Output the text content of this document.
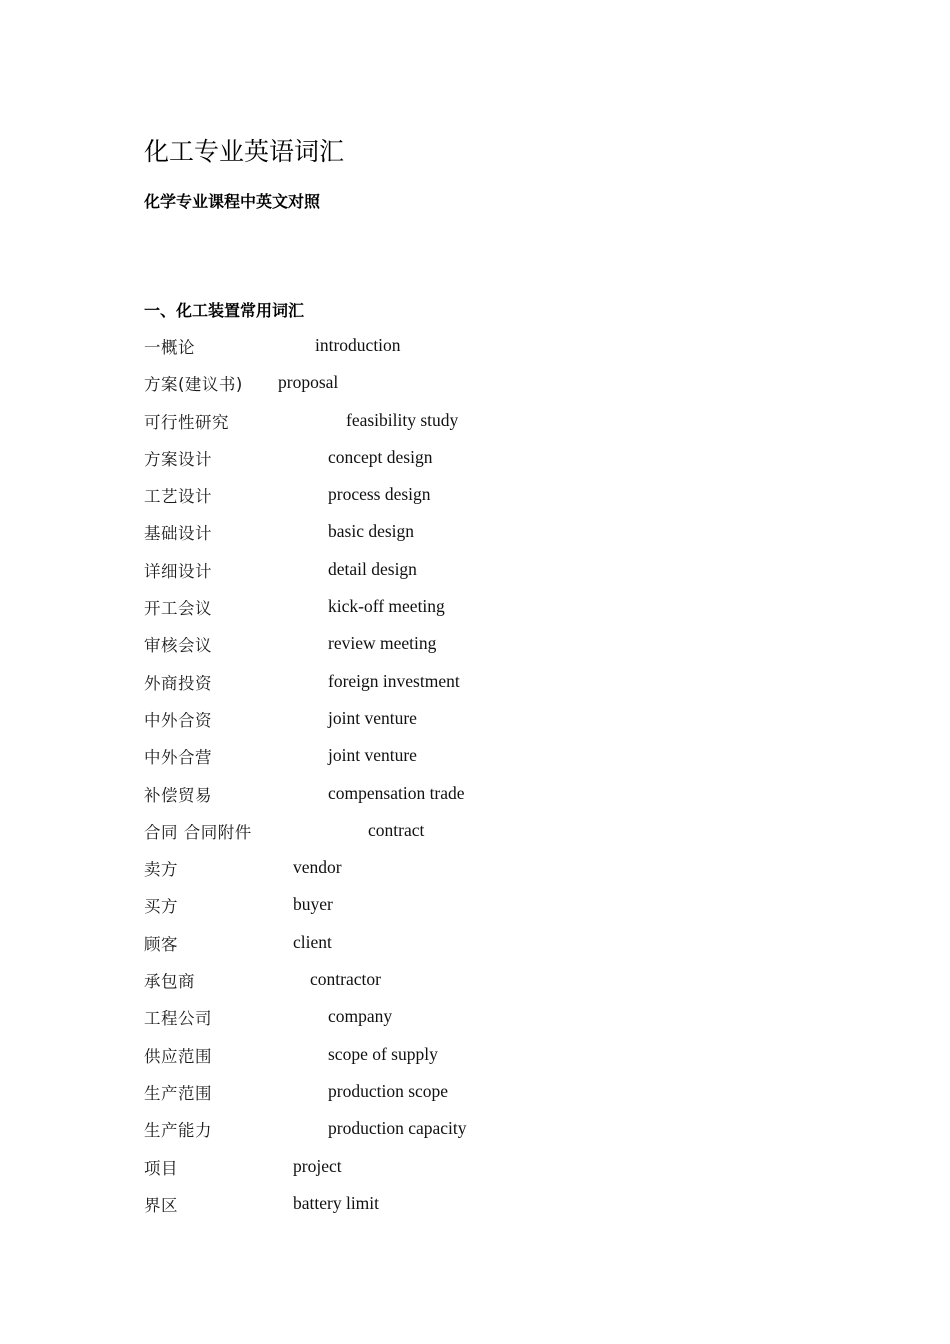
化工专业英语词汇
化学专业课程中英文对照
一、化工装置常用词汇
一概论	introduction
方案(建议书) proposal
可行性研究	feasibility study
方案设计	concept design
工艺设计	process design
基础设计	basic design
详细设计	detail design
开工会议	kick-off meeting
审核会议	review meeting
外商投资	foreign investment
中外合资	joint venture
中外合营	joint venture
补偿贸易	compensation trade
合同 合同附件	contract
卖方	vendor
买方	buyer
顾客	client
承包商	contractor
工程公司	company
供应范围	scope of supply
生产范围	production scope
生产能力	production capacity
项目	project
界区	battery limit
